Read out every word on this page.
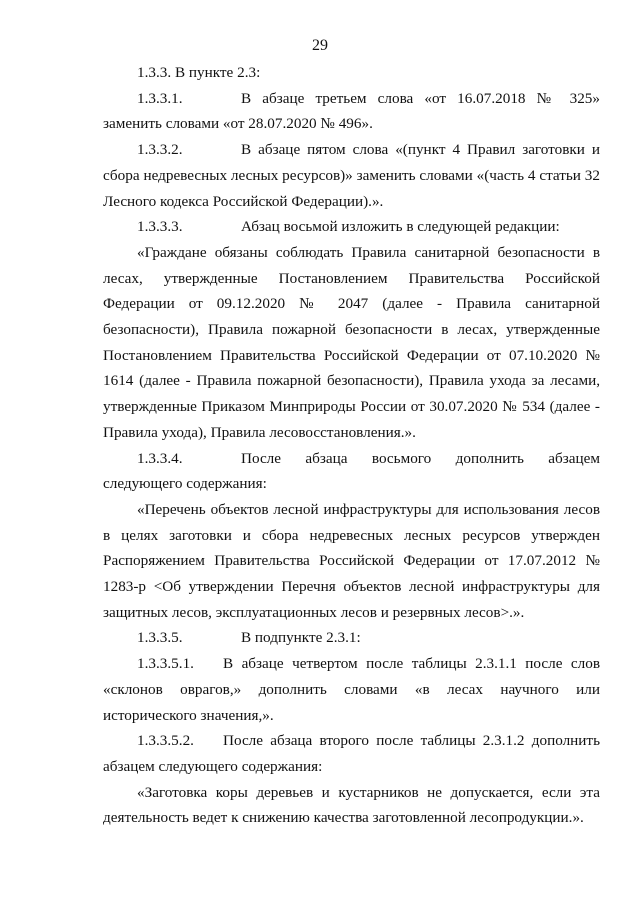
29

1.3.3. В пункте 2.3:

1.3.3.1.	В абзаце третьем слова «от 16.07.2018 № 325» заменить словами «от 28.07.2020 № 496».

1.3.3.2.	В абзаце пятом слова «(пункт 4 Правил заготовки и сбора недревесных лесных ресурсов)» заменить словами «(часть 4 статьи 32 Лесного кодекса Российской Федерации).».

1.3.3.3.	Абзац восьмой изложить в следующей редакции:

«Граждане обязаны соблюдать Правила санитарной безопасности в лесах, утвержденные Постановлением Правительства Российской Федерации от 09.12.2020 № 2047 (далее - Правила санитарной безопасности), Правила пожарной безопасности в лесах, утвержденные Постановлением Правительства Российской Федерации от 07.10.2020 № 1614 (далее - Правила пожарной безопасности), Правила ухода за лесами, утвержденные Приказом Минприроды России от 30.07.2020 № 534 (далее - Правила ухода), Правила лесовосстановления.».

1.3.3.4.	После абзаца восьмого дополнить абзацем следующего содержания:

«Перечень объектов лесной инфраструктуры для использования лесов в целях заготовки и сбора недревесных лесных ресурсов утвержден Распоряжением Правительства Российской Федерации от 17.07.2012 № 1283-р <Об утверждении Перечня объектов лесной инфраструктуры для защитных лесов, эксплуатационных лесов и резервных лесов>.».

1.3.3.5.	В подпункте 2.3.1:

1.3.3.5.1. В абзаце четвертом после таблицы 2.3.1.1 после слов «склонов оврагов,» дополнить словами «в лесах научного или исторического значения,».

1.3.3.5.2. После абзаца второго после таблицы 2.3.1.2 дополнить абзацем следующего содержания:

«Заготовка коры деревьев и кустарников не допускается, если эта деятельность ведет к снижению качества заготовленной лесопродукции.».
